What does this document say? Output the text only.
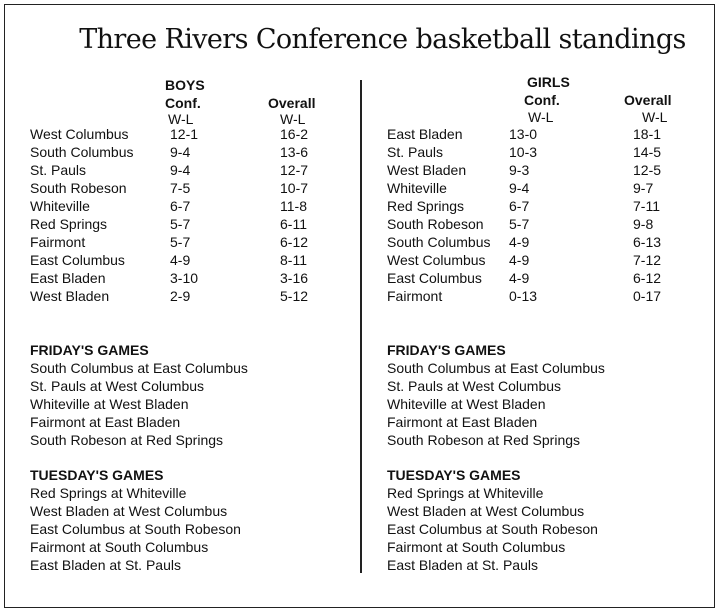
Three Rivers Conference basketball standings
BOYS
Conf.	Overall
W-L	W-L
West Columbus	12-1	16-2
South Columbus	9-4	13-6
St. Pauls	9-4	12-7
South Robeson	7-5	10-7
Whiteville	6-7	11-8
Red Springs	5-7	6-11
Fairmont	5-7	6-12
East Columbus	4-9	8-11
East Bladen	3-10	3-16
West Bladen	2-9	5-12
GIRLS
Conf.	Overall
W-L	W-L
East Bladen	13-0	18-1
St. Pauls	10-3	14-5
West Bladen	9-3	12-5
Whiteville	9-4	9-7
Red Springs	6-7	7-11
South Robeson 5-7	9-8
South Columbus 4-9	6-13
West Columbus 4-9	7-12
East Columbus 4-9	6-12
Fairmont	0-13	0-17
FRIDAY'S GAMES
South Columbus at East Columbus
St. Pauls at West Columbus
Whiteville at West Bladen
Fairmont at East Bladen
South Robeson at Red Springs
TUESDAY'S GAMES
Red Springs at Whiteville
West Bladen at West Columbus
East Columbus at South Robeson
Fairmont at South Columbus
East Bladen at St. Pauls
FRIDAY'S GAMES
South Columbus at East Columbus
St. Pauls at West Columbus
Whiteville at West Bladen
Fairmont at East Bladen
South Robeson at Red Springs
TUESDAY'S GAMES
Red Springs at Whiteville
West Bladen at West Columbus
East Columbus at South Robeson
Fairmont at South Columbus
East Bladen at St. Pauls
